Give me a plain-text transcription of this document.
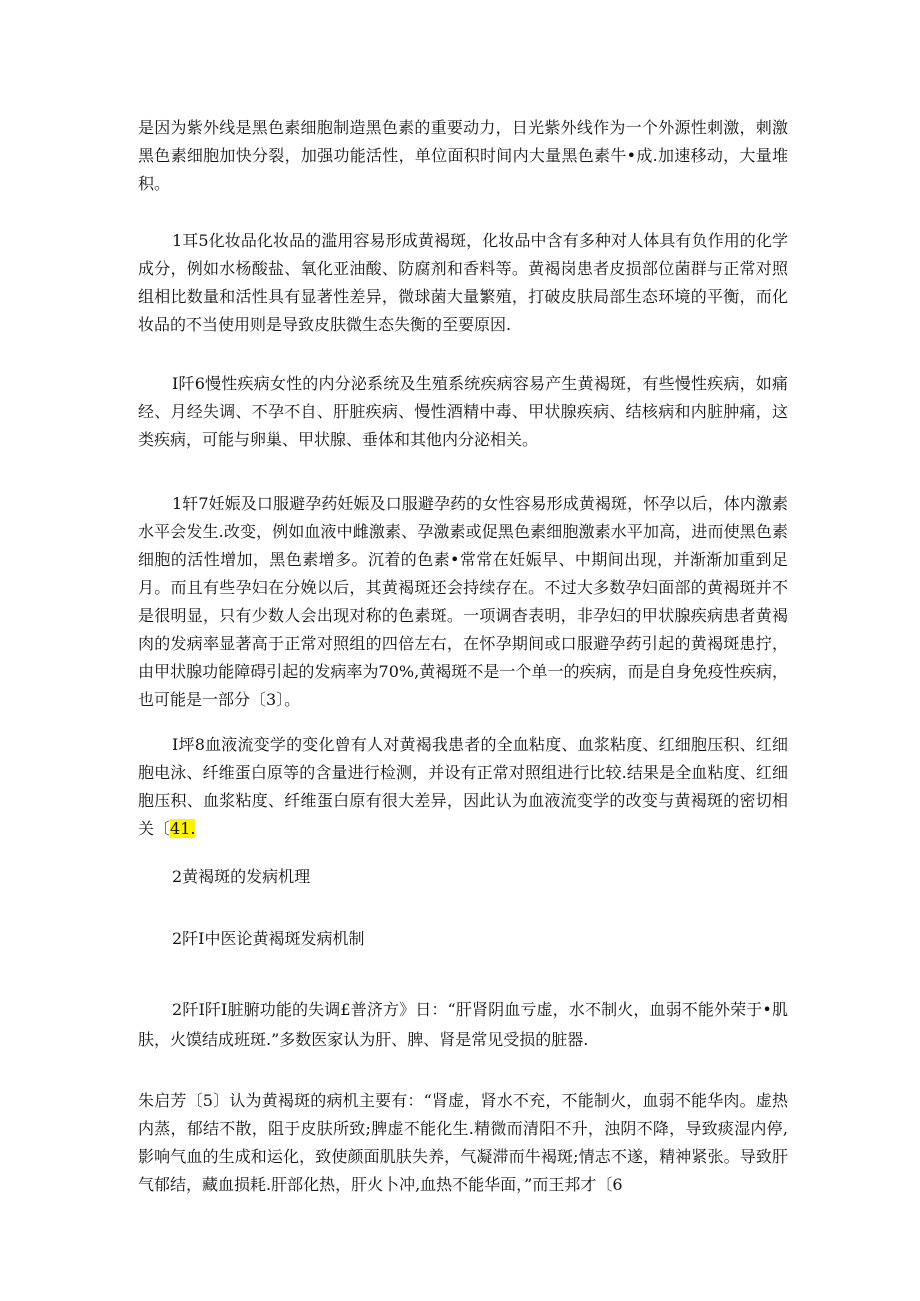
是因为紫外线是黑色素细胞制造黑色素的重要动力，日光紫外线作为一个外源性刺激，刺激黑色素细胞加快分裂，加强功能活性，单位面积时间内大量黑色素牛•成.加速移动，大量堆积。

1耳5化妆品化妆品的滥用容易形成黄褐斑，化妆品中含有多种对人体具有负作用的化学成分，例如水杨酸盐、氧化亚油酸、防腐剂和香料等。黄褐岗患者皮损部位菌群与正常对照组相比数量和活性具有显著性差异，微球菌大量繁殖，打破皮肤局部生态环境的平衡，而化妆品的不当使用则是导致皮肤微生态失衡的至要原因.

I阡6慢性疾病女性的内分泌系统及生殖系统疾病容易产生黄褐斑，有些慢性疾病，如痛经、月经失调、不孕不自、肝脏疾病、慢性酒精中毒、甲状腺疾病、结核病和内脏肿痛，这类疾病，可能与卵巢、甲状腺、垂体和其他内分泌相关。

1轩7妊娠及口服避孕药妊娠及口服避孕药的女性容易形成黄褐斑，怀孕以后，体内激素水平会发生.改变，例如血液中雌激素、孕激素或促黑色素细胞激素水平加高，进而使黑色素细胞的活性增加，黑色素增多。沉着的色素•常常在妊娠早、中期间出现，并渐渐加重到足月。而且有些孕妇在分娩以后，其黄褐斑还会持续存在。不过大多数孕妇面部的黄褐斑并不是很明显，只有少数人会出现对称的色素斑。一项调杳表明，非孕妇的甲状腺疾病患者黄褐肉的发病率显著高于正常对照组的四倍左右，在怀孕期间或口服避孕药引起的黄褐斑患拧，由甲状腺功能障碍引起的发病率为70%,黄褐斑不是一个单一的疾病，而是自身免疫性疾病，也可能是一部分〔3〕。

I坪8血液流变学的变化曾有人对黄褐我患者的全血粘度、血浆粘度、红细胞压积、红细胞电泳、纤维蛋白原等的含量进行检测，并设有正常对照组进行比较.结果是全血粘度、红细胞压积、血浆粘度、纤维蛋白原有很大差异，因此认为血液流变学的改变与黄褐斑的密切相关〔41.

2黄褐斑的发病机理

2阡I中医论黄褐斑发病机制

2阡I阡I脏腑功能的失调£普济方》日：“肝肾阴血亏虚，水不制火，血弱不能外荣于•肌肤，火馍结成班斑.”多数医家认为肝、脾、肾是常见受损的脏器.

朱启芳〔5〕认为黄褐斑的病机主要有：“肾虚，肾水不充，不能制火，血弱不能华肉。虚热内蒸，郁结不散，阻于皮肤所致;脾虚不能化生.精微而清阳不升，浊阴不降，导致痰湿内停,影响气血的生成和运化，致使颜面肌肤失养，气凝滞而牛褐斑;情志不遂，精神紧张。导致肝气郁结，藏血损耗.肝部化热，肝火卜冲,血热不能华面，”而王邦才〔6
